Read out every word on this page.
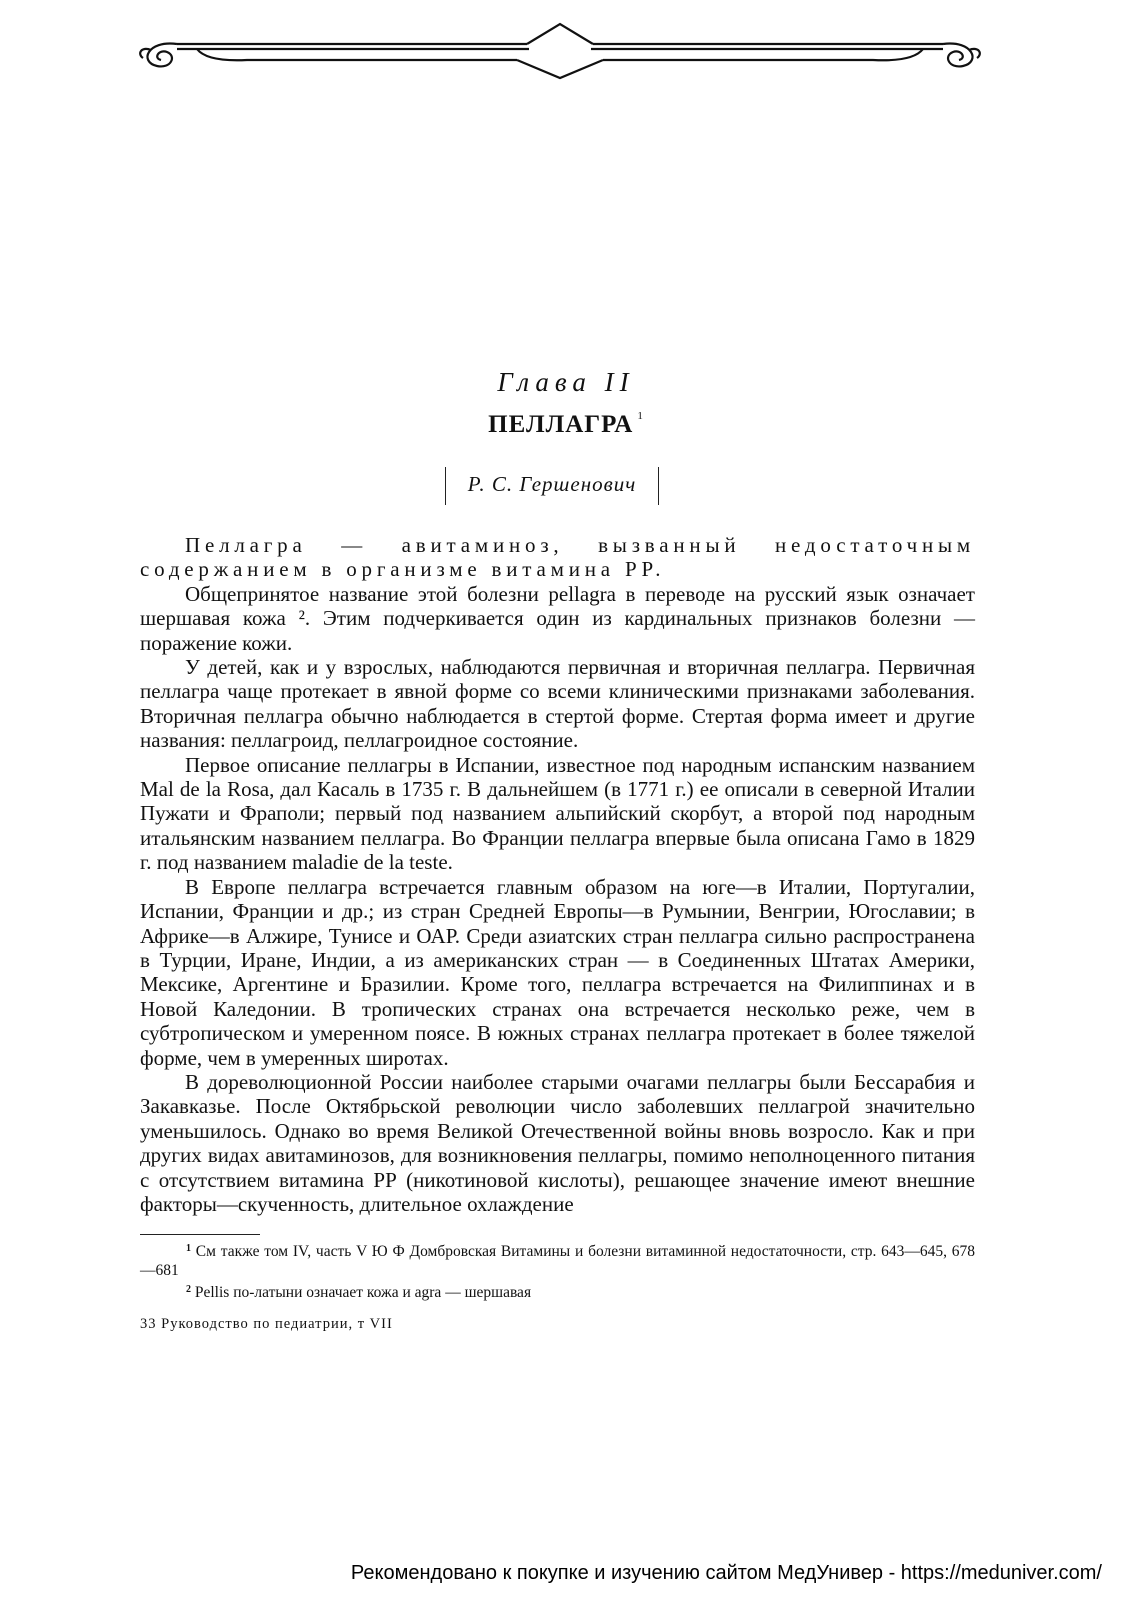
Глава II
ПЕЛЛАГРА $^1$
Р. С. Гершенович

Пеллагра — авитаминоз, вызванный недостаточным содержанием в организме витамина РР.

Общепринятое название этой болезни pellagra в переводе на русский язык означает шершавая кожа ². Этим подчеркивается один из кардинальных признаков болезни — поражение кожи.

У детей, как и у взрослых, наблюдаются первичная и вторичная пеллагра. Первичная пеллагра чаще протекает в явной форме со всеми клиническими признаками заболевания. Вторичная пеллагра обычно наблюдается в стертой форме. Стертая форма имеет и другие названия: пеллагроид, пеллагроидное состояние.

Первое описание пеллагры в Испании, известное под народным испанским названием Mal de la Rosa, дал Касаль в 1735 г. В дальнейшем (в 1771 г.) ее описали в северной Италии Пужати и Фраполи; первый под названием альпийский скорбут, а второй под народным итальянским названием пеллагра. Во Франции пеллагра впервые была описана Гамо в 1829 г. под названием maladie de la teste.

В Европе пеллагра встречается главным образом на юге—в Италии, Португалии, Испании, Франции и др.; из стран Средней Европы—в Румынии, Венгрии, Югославии; в Африке—в Алжире, Тунисе и ОАР. Среди азиатских стран пеллагра сильно распространена в Турции, Иране, Индии, а из американских стран — в Соединенных Штатах Америки, Мексике, Аргентине и Бразилии. Кроме того, пеллагра встречается на Филиппинах и в Новой Каледонии. В тропических странах она встречается несколько реже, чем в субтропическом и умеренном поясе. В южных странах пеллагра протекает в более тяжелой форме, чем в умеренных широтах.

В дореволюционной России наиболее старыми очагами пеллагры были Бессарабия и Закавказье. После Октябрьской революции число заболевших пеллагрой значительно уменьшилось. Однако во время Великой Отечественной войны вновь возросло. Как и при других видах авитаминозов, для возникновения пеллагры, помимо неполноценного питания с отсутствием витамина РР (никотиновой кислоты), решающее значение имеют внешние факторы—скученность, длительное охлаждение

$^1$ См также том IV, часть V Ю Ф Домбровская Витамины и болезни витаминной недостаточности, стр. 643—645, 678—681

$^2$ Pellis по-латыни означает кожа и agra — шершавая

33 Руководство по педиатрии, т VII
Рекомендовано к покупке и изучению сайтом МедУнивер - https://meduniver.com/
